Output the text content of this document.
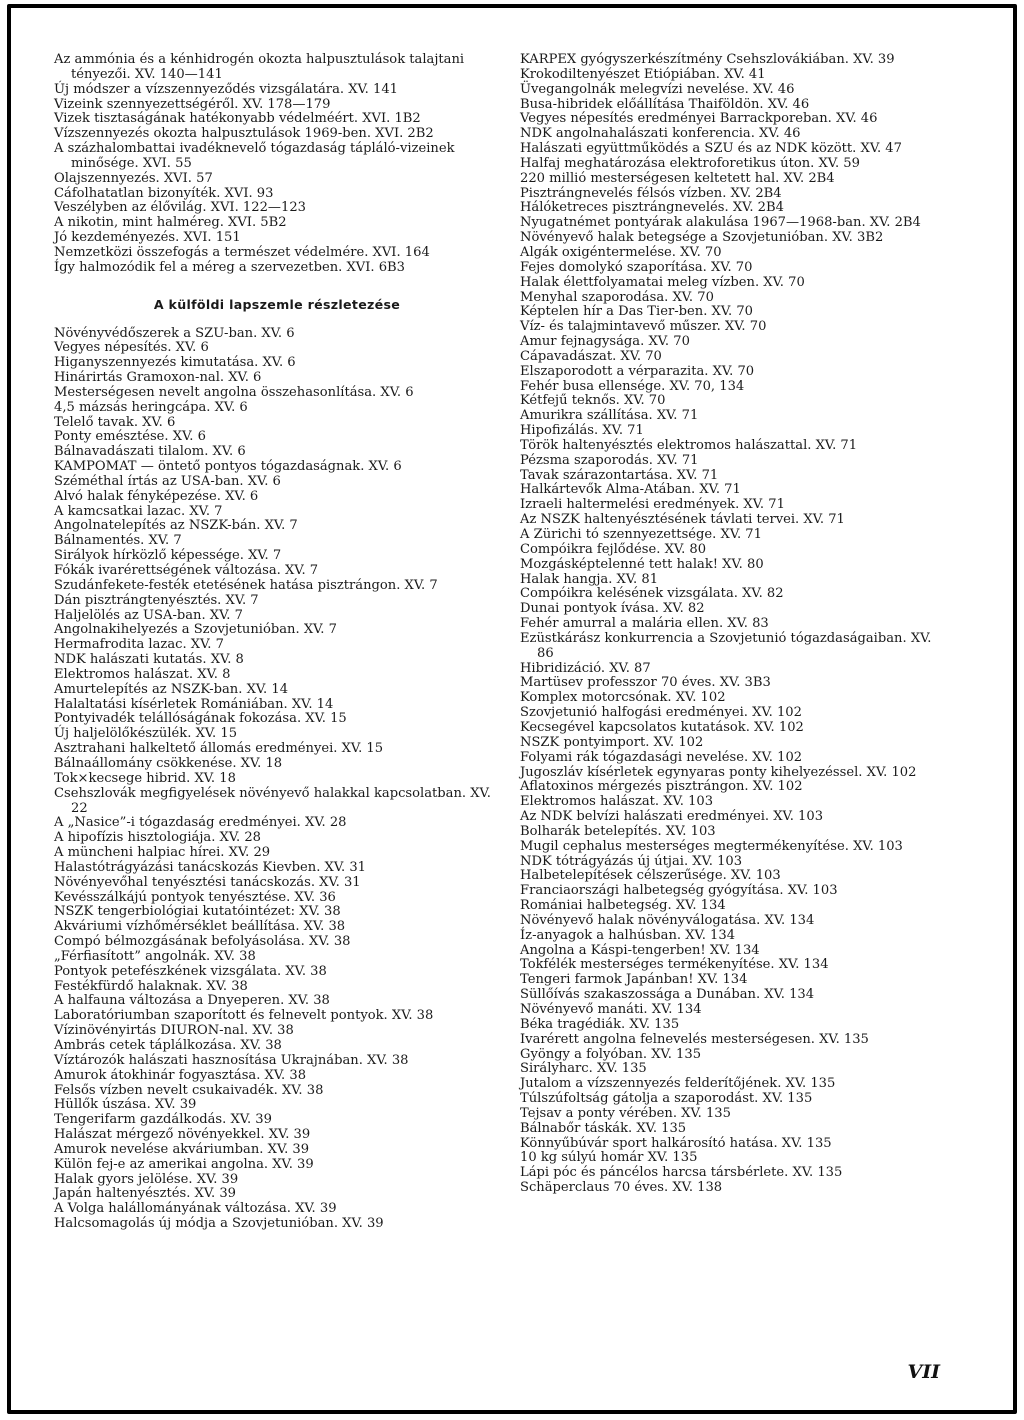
Az ammónia és a kénhidrogén okozta halpusztulások talajtani tényezői. XV. 140—141

Új módszer a vízszennyeződés vizsgálatára. XV. 141

Vizeink szennyezettségéről. XV. 178—179

Vizek tisztaságának hatékonyabb védelméért. XVI. 1B2

Vízszennyezés okozta halpusztulások 1969-ben. XVI. 2B2

A százhalombattai ivadéknevelő tógazdaság tápláló-vizeinek minősége. XVI. 55

Olajszennyezés. XVI. 57

Cáfolhatatlan bizonyíték. XVI. 93

Veszélyben az élővilág. XVI. 122—123

A nikotin, mint halméreg. XVI. 5B2

Jó kezdeményezés. XVI. 151

Nemzetközi összefogás a természet védelmére. XVI. 164

Így halmozódik fel a méreg a szervezetben. XVI. 6B3

A külföldi lapszemle részletezése

Növényvédőszerek a SZU-ban. XV. 6

Vegyes népesítés. XV. 6

Higanyszennyezés kimutatása. XV. 6

Hinárirtás Gramoxon-nal. XV. 6

Mesterségesen nevelt angolna összehasonlítása. XV. 6

4,5 mázsás heringcápa. XV. 6

Telelő tavak. XV. 6

Ponty emésztése. XV. 6

Bálnavadászati tilalom. XV. 6

KAMPOMAT — öntető pontyos tógazdaságnak. XV. 6

Széméthal írtás az USA-ban. XV. 6

Alvó halak fényképezése. XV. 6

A kamcsatkai lazac. XV. 7

Angolnatelepítés az NSZK-bán. XV. 7

Bálnamentés. XV. 7

Sirályok hírközlő képessége. XV. 7

Fókák ivarérettségének változása. XV. 7

Szudánfekete-festék etetésének hatása pisztrángon. XV. 7

Dán pisztrángtenyésztés. XV. 7

Haljelölés az USA-ban. XV. 7

Angolnakihelyezés a Szovjetunióban. XV. 7

Hermafrodita lazac. XV. 7

NDK halászati kutatás. XV. 8

Elektromos halászat. XV. 8

Amurtelepítés az NSZK-ban. XV. 14

Halaltatási kísérletek Romániában. XV. 14

Pontyivadék telállóságának fokozása. XV. 15

Új haljelölőkészülék. XV. 15

Asztrahani halkeltető állomás eredményei. XV. 15

Bálnaállomány csökkenése. XV. 18

Tok×kecsege hibrid. XV. 18

Csehszlovák megfigyelések növényevő halakkal kapcsolatban. XV. 22

A „Nasice”-i tógazdaság eredményei. XV. 28

A hipofízis hisztologiája. XV. 28

A müncheni halpiac hírei. XV. 29

Halastótrágyázási tanácskozás Kievben. XV. 31

Növényevőhal tenyésztési tanácskozás. XV. 31

Kevésszálkájú pontyok tenyésztése. XV. 36

NSZK tengerbiológiai kutatóintézet: XV. 38

Akváriumi vízhőmérséklet beállítása. XV. 38

Compó bélmozgásának befolyásolása. XV. 38

„Férfiasított” angolnák. XV. 38

Pontyok petefészkének vizsgálata. XV. 38

Festékfürdő halaknak. XV. 38

A halfauna változása a Dnyeperen. XV. 38

Laboratóriumban szaporított és felnevelt pontyok. XV. 38

Vízinövényirtás DIURON-nal. XV. 38

Ambrás cetek táplálkozása. XV. 38

Víztározók halászati hasznosítása Ukrajnában. XV. 38

Amurok átokhinár fogyasztása. XV. 38

Felsős vízben nevelt csukaivadék. XV. 38

Hüllők úszása. XV. 39

Tengerifarm gazdálkodás. XV. 39

Halászat mérgező növényekkel. XV. 39

Amurok nevelése akváriumban. XV. 39

Külön fej-e az amerikai angolna. XV. 39

Halak gyors jelölése. XV. 39

Japán haltenyésztés. XV. 39

A Volga halállományának változása. XV. 39

Halcsomagolás új módja a Szovjetunióban. XV. 39

KARPEX gyógyszerkészítmény Csehszlovákiában. XV. 39

Krokodiltenyészet Etiópiában. XV. 41

Üvegangolnák melegvízi nevelése. XV. 46

Busa-hibridek előállítása Thaiföldön. XV. 46

Vegyes népesítés eredményei Barrackporeban. XV. 46

NDK angolnahalászati konferencia. XV. 46

Halászati együttműködés a SZU és az NDK között. XV. 47

Halfaj meghatározása elektroforetikus úton. XV. 59

220 millió mesterségesen keltetett hal. XV. 2B4

Pisztrángnevelés félsós vízben. XV. 2B4

Hálóketreces pisztrángnevelés. XV. 2B4

Nyugatnémet pontyárak alakulása 1967—1968-ban. XV. 2B4

Növényevő halak betegsége a Szovjetunióban. XV. 3B2

Algák oxigéntermelése. XV. 70

Fejes domolykó szaporítása. XV. 70

Halak élettfolyamatai meleg vízben. XV. 70

Menyhal szaporodása. XV. 70

Képtelen hír a Das Tier-ben. XV. 70

Víz- és talajmintavevő műszer. XV. 70

Amur fejnagysága. XV. 70

Cápavadászat. XV. 70

Elszaporodott a vérparazita. XV. 70

Fehér busa ellensége. XV. 70, 134

Kétfejű teknős. XV. 70

Amurikra szállítása. XV. 71

Hipofizálás. XV. 71

Török haltenyésztés elektromos halászattal. XV. 71

Pézsma szaporodás. XV. 71

Tavak szárazontartása. XV. 71

Halkártevők Alma-Atában. XV. 71

Izraeli haltermelési eredmények. XV. 71

Az NSZK haltenyésztésének távlati tervei. XV. 71

A Zürichi tó szennyezettsége. XV. 71

Compóikra fejlődése. XV. 80

Mozgásképtelenné tett halak! XV. 80

Halak hangja. XV. 81

Compóikra kelésének vizsgálata. XV. 82

Dunai pontyok ívása. XV. 82

Fehér amurral a malária ellen. XV. 83

Ezüstkárász konkurrencia a Szovjetunió tógazdaságaiban. XV. 86

Hibridizáció. XV. 87

Martüsev professzor 70 éves. XV. 3B3

Komplex motorcsónak. XV. 102

Szovjetunió halfogási eredményei. XV. 102

Kecsegével kapcsolatos kutatások. XV. 102

NSZK pontyimport. XV. 102

Folyami rák tógazdasági nevelése. XV. 102

Jugoszláv kísérletek egynyaras ponty kihelyezéssel. XV. 102

Aflatoxinos mérgezés pisztrángon. XV. 102

Elektromos halászat. XV. 103

Az NDK belvízi halászati eredményei. XV. 103

Bolharák betelepítés. XV. 103

Mugil cephalus mesterséges megtermékenyítése. XV. 103

NDK tótrágyázás új útjai. XV. 103

Halbetelepítések célszerűsége. XV. 103

Franciaországi halbetegség gyógyítása. XV. 103

Romániai halbetegség. XV. 134

Növényevő halak növényválogatása. XV. 134

Íz-anyagok a halhúsban. XV. 134

Angolna a Káspi-tengerben! XV. 134

Tokfélék mesterséges termékenyítése. XV. 134

Tengeri farmok Japánban! XV. 134

Süllőívás szakaszossága a Dunában. XV. 134

Növényevő manáti. XV. 134

Béka tragédiák. XV. 135

Ivarérett angolna felnevelés mesterségesen. XV. 135

Gyöngy a folyóban. XV. 135

Sirályharc. XV. 135

Jutalom a vízszennyezés felderítőjének. XV. 135

Túlszúfoltság gátolja a szaporodást. XV. 135

Tejsav a ponty vérében. XV. 135

Bálnabőr táskák. XV. 135

Könnyűbúvár sport halkárosító hatása. XV. 135

10 kg súlyú homár XV. 135

Lápi póc és páncélos harcsa társbérlete. XV. 135

Schäperclaus 70 éves. XV. 138

VII
